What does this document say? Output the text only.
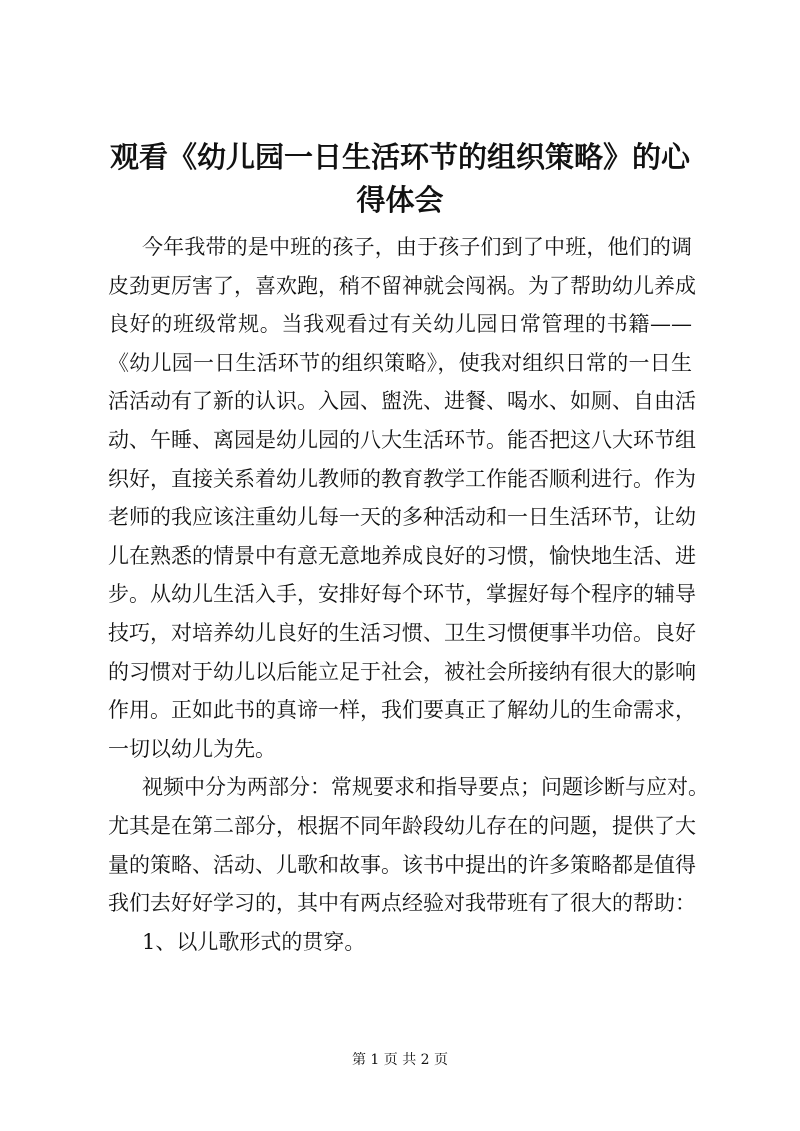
观看《幼儿园一日生活环节的组织策略》的心
得体会
今年我带的是中班的孩子，由于孩子们到了中班，他们的调
皮劲更厉害了，喜欢跑，稍不留神就会闯祸。为了帮助幼儿养成
良好的班级常规。当我观看过有关幼儿园日常管理的书籍——
《幼儿园一日生活环节的组织策略》，使我对组织日常的一日生
活活动有了新的认识。入园、盥洗、进餐、喝水、如厕、自由活
动、午睡、离园是幼儿园的八大生活环节。能否把这八大环节组
织好，直接关系着幼儿教师的教育教学工作能否顺利进行。作为
老师的我应该注重幼儿每一天的多种活动和一日生活环节，让幼
儿在熟悉的情景中有意无意地养成良好的习惯，愉快地生活、进
步。从幼儿生活入手，安排好每个环节，掌握好每个程序的辅导
技巧，对培养幼儿良好的生活习惯、卫生习惯便事半功倍。良好
的习惯对于幼儿以后能立足于社会，被社会所接纳有很大的影响
作用。正如此书的真谛一样，我们要真正了解幼儿的生命需求，
一切以幼儿为先。
视频中分为两部分：常规要求和指导要点；问题诊断与应对。
尤其是在第二部分，根据不同年龄段幼儿存在的问题，提供了大
量的策略、活动、儿歌和故事。该书中提出的许多策略都是值得
我们去好好学习的，其中有两点经验对我带班有了很大的帮助：
1、以儿歌形式的贯穿。
第 1 页 共 2 页
